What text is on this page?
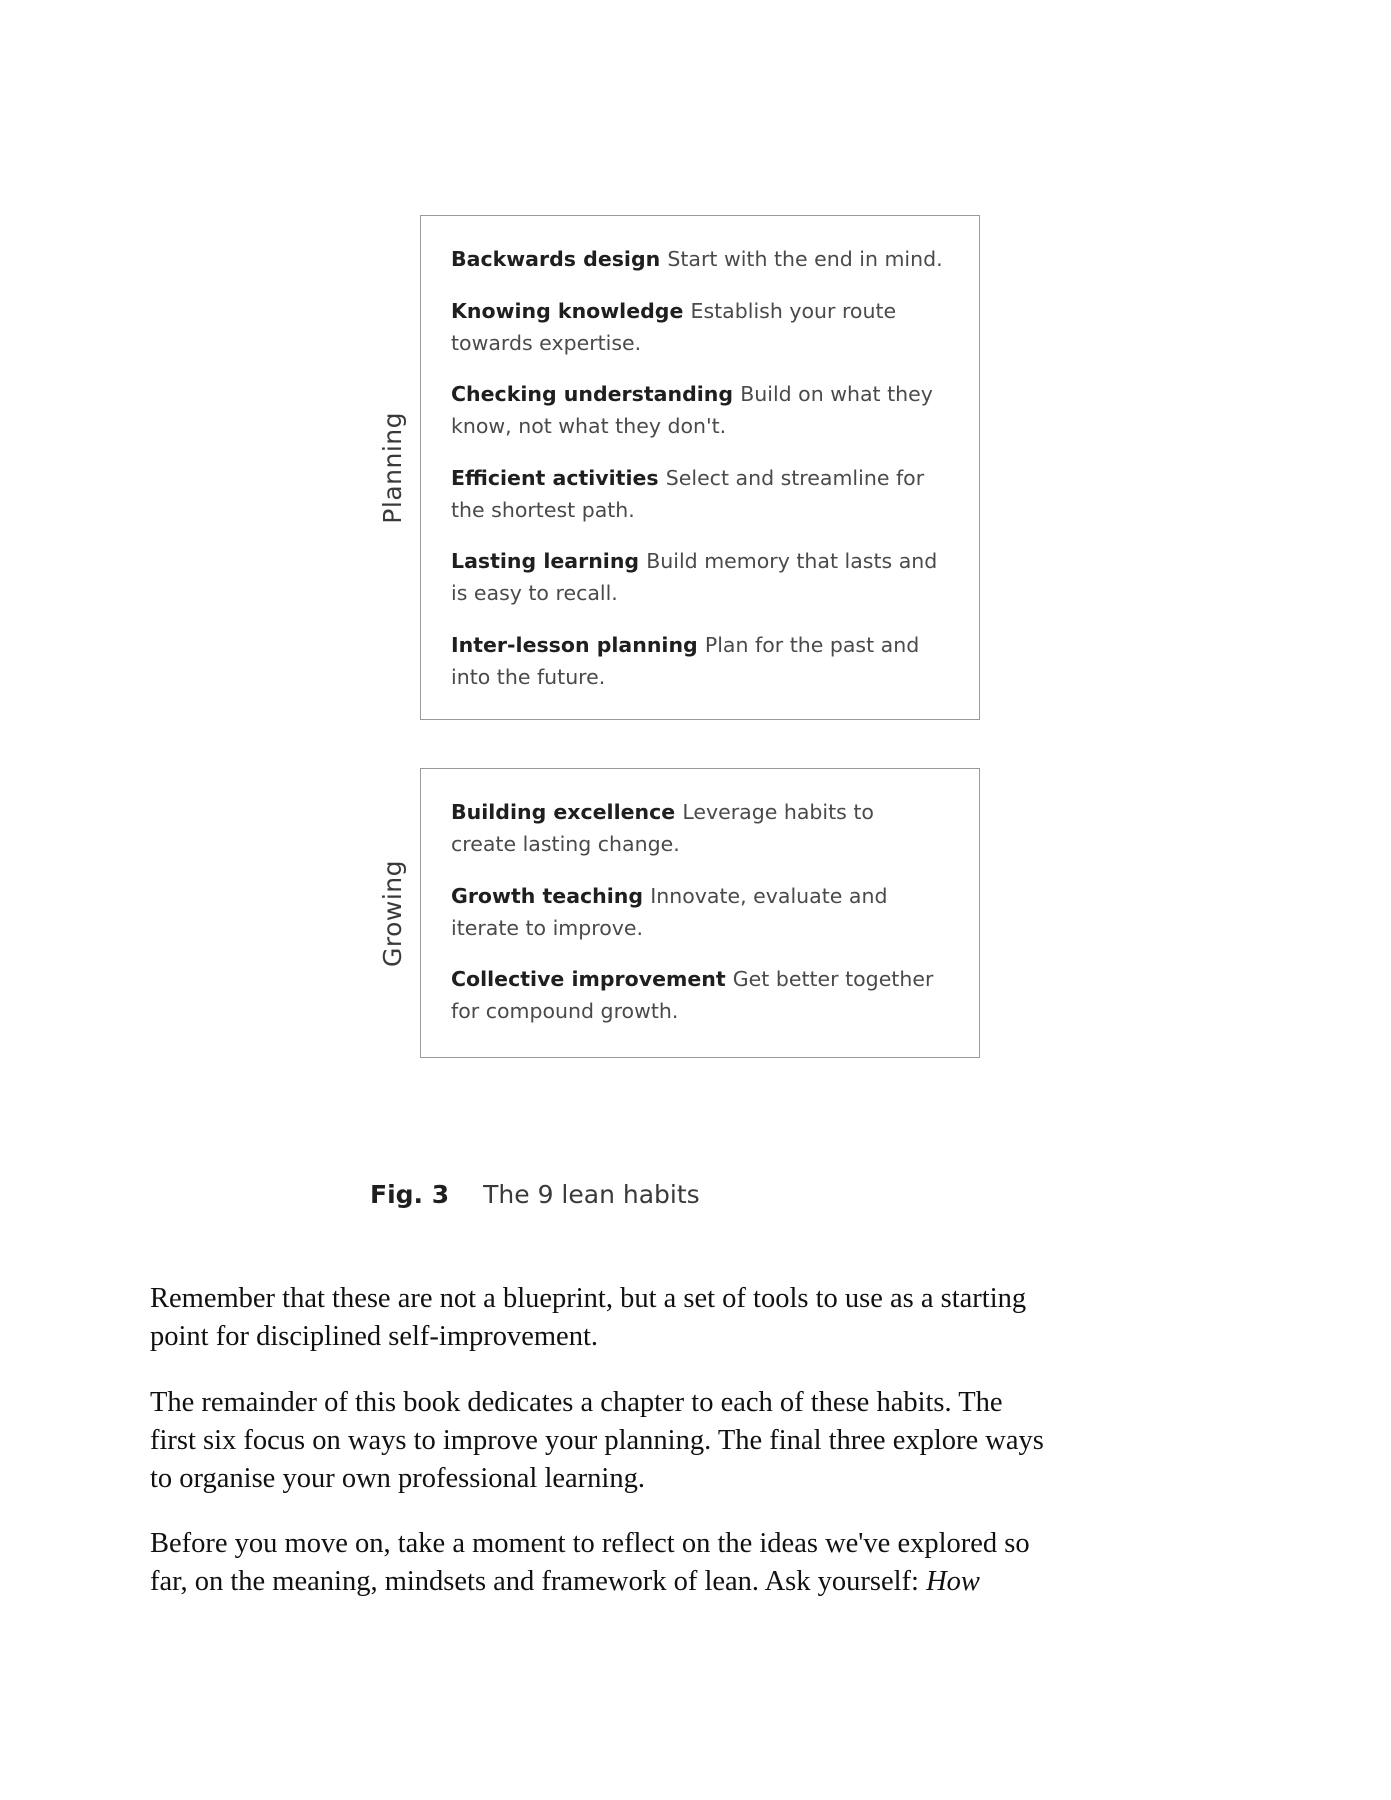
Planning
Backwards design Start with the end in mind.
Knowing knowledge Establish your route towards expertise.
Checking understanding Build on what they know, not what they don't.
Efficient activities Select and streamline for the shortest path.
Lasting learning Build memory that lasts and is easy to recall.
Inter-lesson planning Plan for the past and into the future.
Growing
Building excellence Leverage habits to create lasting change.
Growth teaching Innovate, evaluate and iterate to improve.
Collective improvement Get better together for compound growth.
Fig. 3 The 9 lean habits

Remember that these are not a blueprint, but a set of tools to use as a starting point for disciplined self-improvement.

The remainder of this book dedicates a chapter to each of these habits. The first six focus on ways to improve your planning. The final three explore ways to organise your own professional learning.

Before you move on, take a moment to reflect on the ideas we've explored so far, on the meaning, mindsets and framework of lean. Ask yourself: How
